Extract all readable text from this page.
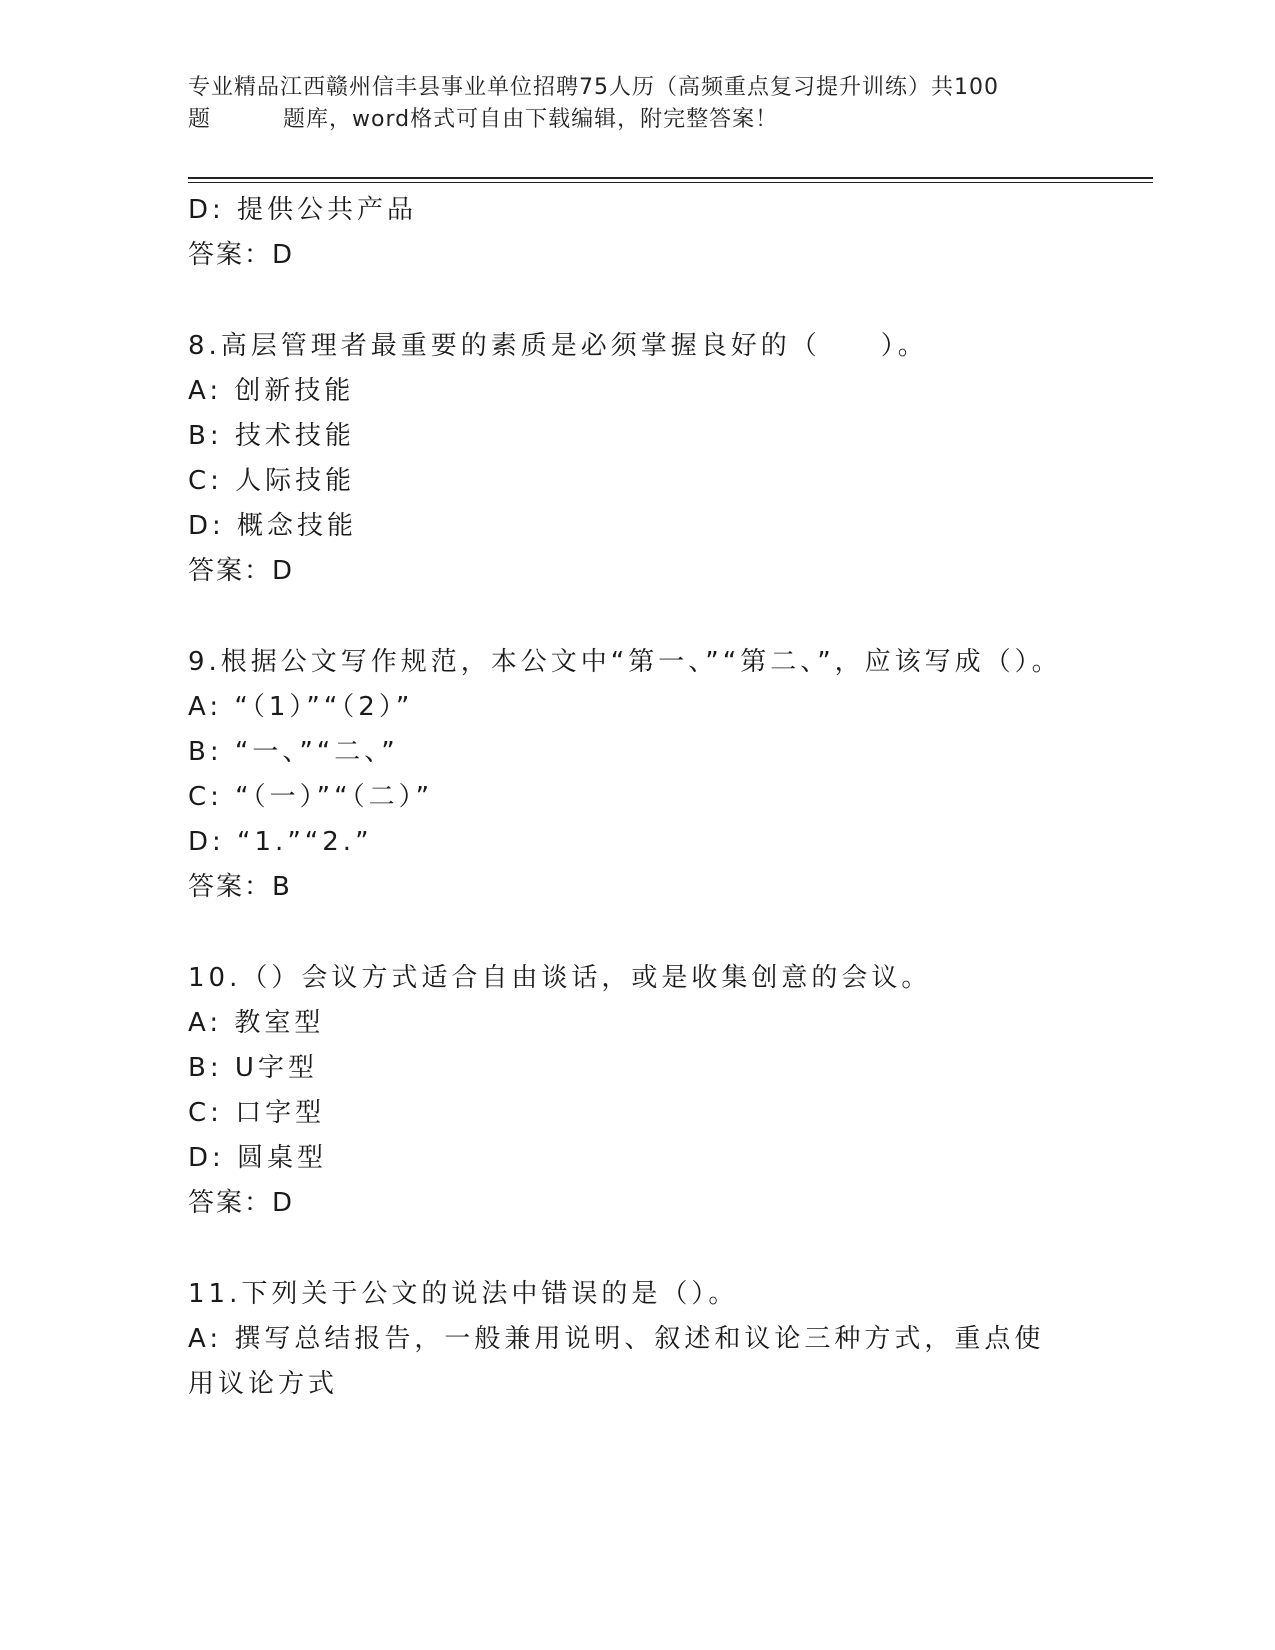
专业精品江西赣州信丰县事业单位招聘75人历（高频重点复习提升训练）共100
题	题库，word格式可自由下载编辑，附完整答案！
D: 提供公共产品
答案：D
8.高层管理者最重要的素质是必须掌握良好的（　　）。
A: 创新技能
B: 技术技能
C: 人际技能
D: 概念技能
答案：D
9.根据公文写作规范，本公文中“第一、”“第二、”，应该写成（）。
A: “（1）”“（2）”
B: “一、”“二、”
C: “（一）”“（二）”
D: “1.”“2.”
答案：B
10.（）会议方式适合自由谈话，或是收集创意的会议。
A: 教室型
B: U字型
C: 口字型
D: 圆桌型
答案：D
11.下列关于公文的说法中错误的是（）。
A: 撰写总结报告，一般兼用说明、叙述和议论三种方式，重点使用议论方式
